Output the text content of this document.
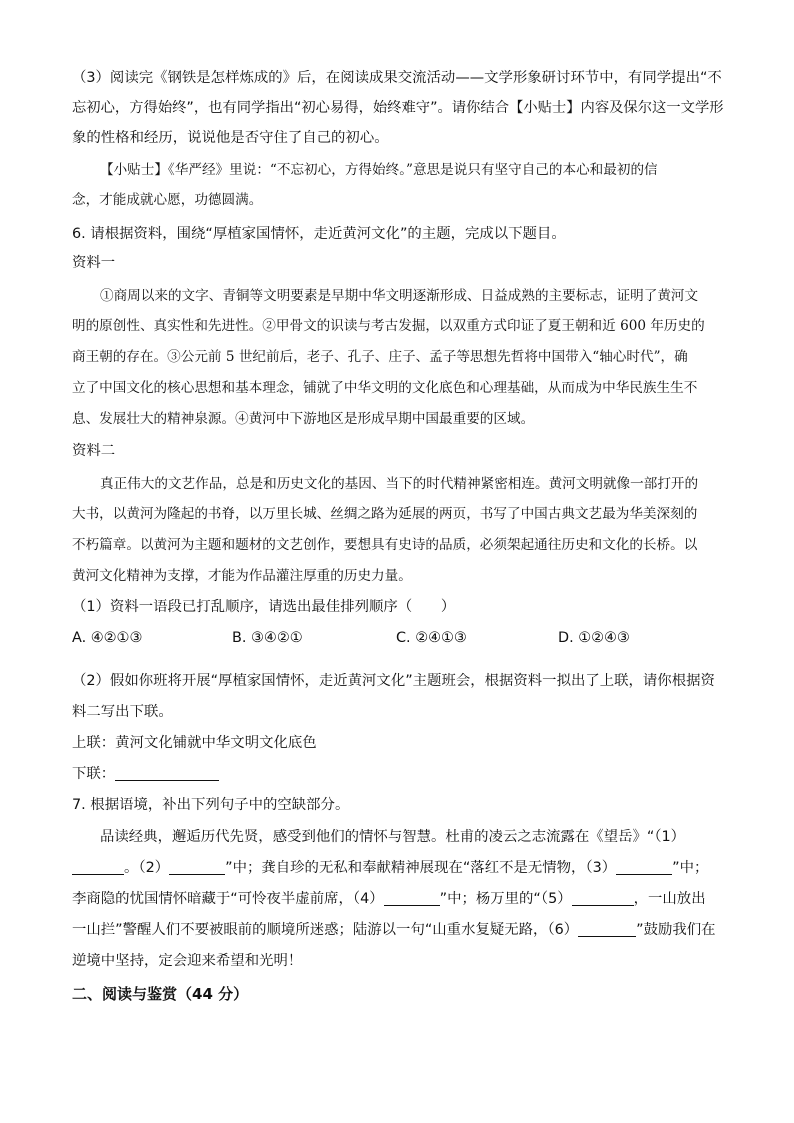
（3）阅读完《钢铁是怎样炼成的》后，在阅读成果交流活动——文学形象研讨环节中，有同学提出“不
忘初心，方得始终”，也有同学指出“初心易得，始终难守”。请你结合【小贴士】内容及保尔这一文学形
象的性格和经历，说说他是否守住了自己的初心。
【小贴士】《华严经》里说：“不忘初心，方得始终。”意思是说只有坚守自己的本心和最初的信
念，才能成就心愿，功德圆满。
6. 请根据资料，围绕“厚植家国情怀，走近黄河文化”的主题，完成以下题目。
资料一
①商周以来的文字、青铜等文明要素是早期中华文明逐渐形成、日益成熟的主要标志，证明了黄河文
明的原创性、真实性和先进性。②甲骨文的识读与考古发掘，以双重方式印证了夏王朝和近 600 年历史的
商王朝的存在。③公元前 5 世纪前后，老子、孔子、庄子、孟子等思想先哲将中国带入“轴心时代”，确
立了中国文化的核心思想和基本理念，铺就了中华文明的文化底色和心理基础，从而成为中华民族生生不
息、发展壮大的精神泉源。④黄河中下游地区是形成早期中国最重要的区域。
资料二
真正伟大的文艺作品，总是和历史文化的基因、当下的时代精神紧密相连。黄河文明就像一部打开的
大书，以黄河为隆起的书脊，以万里长城、丝绸之路为延展的两页，书写了中国古典文艺最为华美深刻的
不朽篇章。以黄河为主题和题材的文艺创作，要想具有史诗的品质，必须架起通往历史和文化的长桥。以
黄河文化精神为支撑，才能为作品灌注厚重的历史力量。
（1）资料一语段已打乱顺序，请选出最佳排列顺序（　　）
A. ④②①③	B. ③④②①	C. ②④①③	D. ①②④③
（2）假如你班将开展“厚植家国情怀，走近黄河文化”主题班会，根据资料一拟出了上联，请你根据资
料二写出下联。
上联：黄河文化铺就中华文明文化底色
下联：
7. 根据语境，补出下列句子中的空缺部分。
品读经典，邂逅历代先贤，感受到他们的情怀与智慧。杜甫的凌云之志流露在《望岳》“（1）
。（2）	”中；龚自珍的无私和奉献精神展现在“落红不是无情物，（3）	”中；
李商隐的忧国情怀暗藏于“可怜夜半虚前席，（4）	”中；杨万里的“（5）	，一山放出
一山拦”警醒人们不要被眼前的顺境所迷惑；陆游以一句“山重水复疑无路，（6）	”鼓励我们在
逆境中坚持，定会迎来希望和光明！
二、阅读与鉴赏（44 分）
